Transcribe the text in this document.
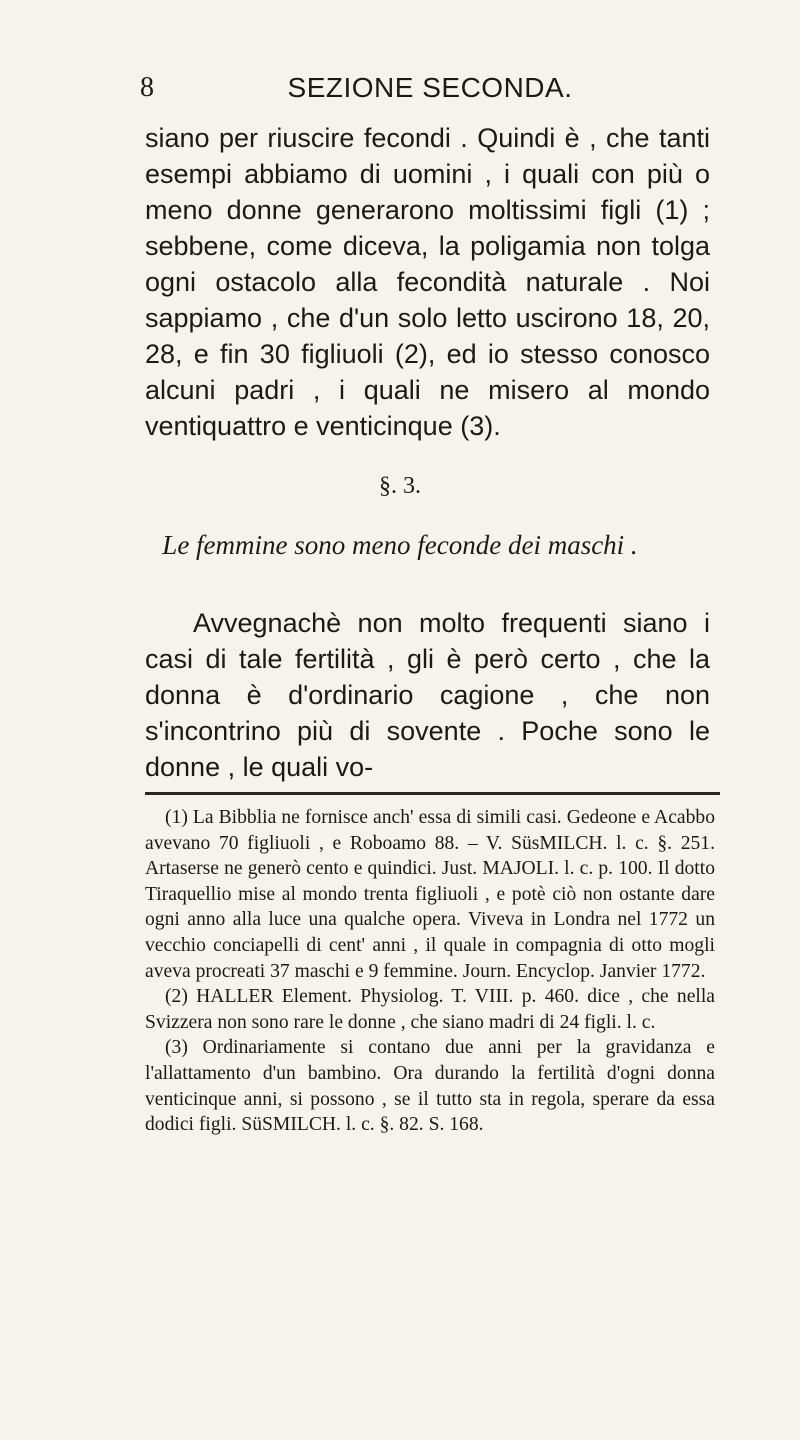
8	SEZIONE SECONDA.

siano per riuscire fecondi . Quindi è , che tanti esempi abbiamo di uomini , i quali con più o meno donne generarono moltissimi figli (1) ; sebbene, come diceva, la poligamia non tolga ogni ostacolo alla fecondità naturale . Noi sappiamo , che d'un solo letto uscirono 18, 20, 28, e fin 30 figliuoli (2), ed io stesso conosco alcuni padri , i quali ne misero al mondo ventiquattro e venticinque (3).

§. 3.
Le femmine sono meno feconde dei maschi .

Avvegnachè non molto frequenti siano i casi di tale fertilità , gli è però certo , che la donna è d'ordinario cagione , che non s'incontrino più di sovente . Poche sono le donne , le quali vo-

(1) La Bibblia ne fornisce anch' essa di simili casi. Gedeone e Acabbo avevano 70 figliuoli , e Roboamo 88. – V. SüsMILCH. l. c. §. 251. Artaserse ne generò cento e quindici. Just. MAJOLI. l. c. p. 100. Il dotto Tiraquellio mise al mondo trenta figliuoli , e potè ciò non ostante dare ogni anno alla luce una qualche opera. Viveva in Londra nel 1772 un vecchio conciapelli di cent' anni , il quale in compagnia di otto mogli aveva procreati 37 maschi e 9 femmine. Journ. Encyclop. Janvier 1772.

(2) HALLER Element. Physiolog. T. VIII. p. 460. dice , che nella Svizzera non sono rare le donne , che siano madri di 24 figli. l. c.

(3) Ordinariamente si contano due anni per la gravidanza e l'allattamento d'un bambino. Ora durando la fertilità d'ogni donna venticinque anni, si possono , se il tutto sta in regola, sperare da essa dodici figli. SüSMILCH. l. c. §. 82. S. 168.
